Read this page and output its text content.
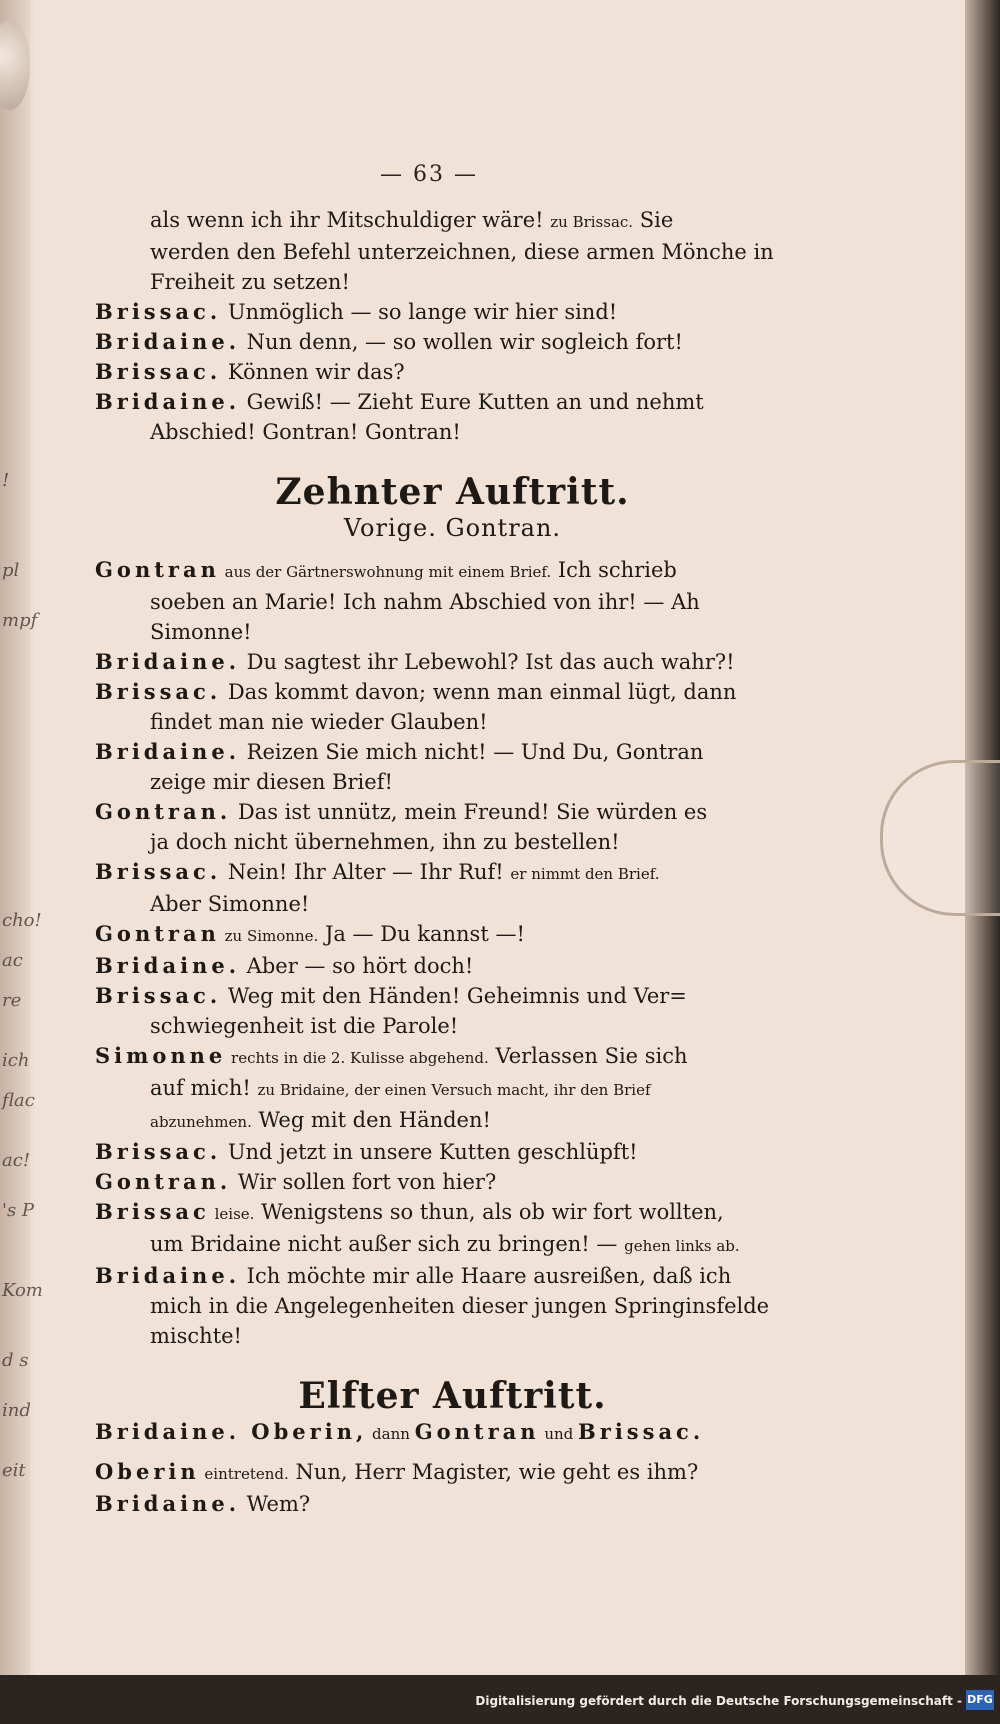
!
pl
mpf
cho!
ac
re
ich
flac
ac!
's P
Kom
d s
ind
eit
— 63 —

als wenn ich ihr Mitschuldiger wäre! zu Brissac. Sie

werden den Befehl unterzeichnen, diese armen Mönche in

Freiheit zu setzen!

Brissac. Unmöglich — so lange wir hier sind!

Bridaine. Nun denn, — so wollen wir sogleich fort!

Brissac. Können wir das?

Bridaine. Gewiß! — Zieht Eure Kutten an und nehmt

Abschied! Gontran! Gontran!

Zehnter Auftritt.
Vorige. Gontran.

Gontran aus der Gärtnerswohnung mit einem Brief. Ich schrieb

soeben an Marie! Ich nahm Abschied von ihr! — Ah

Simonne!

Bridaine. Du sagtest ihr Lebewohl? Ist das auch wahr?!

Brissac. Das kommt davon; wenn man einmal lügt, dann

findet man nie wieder Glauben!

Bridaine. Reizen Sie mich nicht! — Und Du, Gontran

zeige mir diesen Brief!

Gontran. Das ist unnütz, mein Freund! Sie würden es

ja doch nicht übernehmen, ihn zu bestellen!

Brissac. Nein! Ihr Alter — Ihr Ruf! er nimmt den Brief.

Aber Simonne!

Gontran zu Simonne. Ja — Du kannst —!

Bridaine. Aber — so hört doch!

Brissac. Weg mit den Händen! Geheimnis und Ver=

schwiegenheit ist die Parole!

Simonne rechts in die 2. Kulisse abgehend. Verlassen Sie sich

auf mich! zu Bridaine, der einen Versuch macht, ihr den Brief

abzunehmen. Weg mit den Händen!

Brissac. Und jetzt in unsere Kutten geschlüpft!

Gontran. Wir sollen fort von hier?

Brissac leise. Wenigstens so thun, als ob wir fort wollten,

um Bridaine nicht außer sich zu bringen! — gehen links ab.

Bridaine. Ich möchte mir alle Haare ausreißen, daß ich

mich in die Angelegenheiten dieser jungen Springinsfelde

mischte!

Elfter Auftritt.

Bridaine. Oberin, dann Gontran und Brissac.

Oberin eintretend. Nun, Herr Magister, wie geht es ihm?

Bridaine. Wem?

Digitalisierung gefördert durch die Deutsche Forschungsgemeinschaft - DFG
